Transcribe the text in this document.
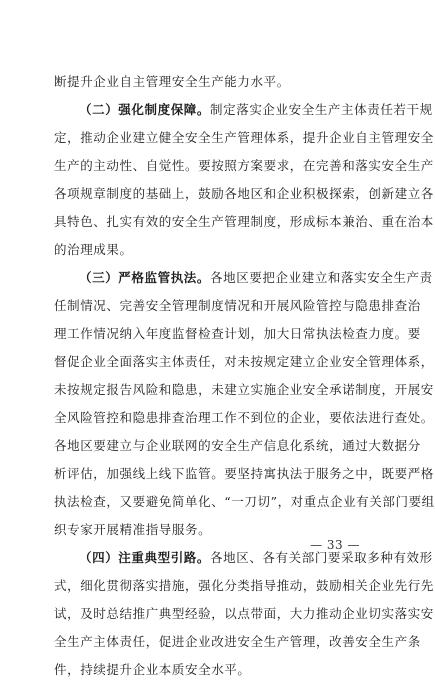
断提升企业自主管理安全生产能力水平。
（二）强化制度保障。制定落实企业安全生产主体责任若干规
定，推动企业建立健全安全生产管理体系，提升企业自主管理安全
生产的主动性、自觉性。要按照方案要求，在完善和落实安全生产
各项规章制度的基础上，鼓励各地区和企业积极探索，创新建立各
具特色、扎实有效的安全生产管理制度，形成标本兼治、重在治本
的治理成果。
（三）严格监管执法。各地区要把企业建立和落实安全生产责
任制情况、完善安全管理制度情况和开展风险管控与隐患排查治
理工作情况纳入年度监督检查计划，加大日常执法检查力度。要
督促企业全面落实主体责任，对未按规定建立企业安全管理体系，
未按规定报告风险和隐患，未建立实施企业安全承诺制度，开展安
全风险管控和隐患排查治理工作不到位的企业，要依法进行查处。
各地区要建立与企业联网的安全生产信息化系统，通过大数据分
析评估，加强线上线下监管。要坚持寓执法于服务之中，既要严格
执法检查，又要避免简单化、“一刀切”，对重点企业有关部门要组
织专家开展精准指导服务。
（四）注重典型引路。各地区、各有关部门要采取多种有效形
式，细化贯彻落实措施，强化分类指导推动，鼓励相关企业先行先
试，及时总结推广典型经验，以点带面，大力推动企业切实落实安
全生产主体责任，促进企业改进安全生产管理，改善安全生产条
件，持续提升企业本质安全水平。
— 33 —
